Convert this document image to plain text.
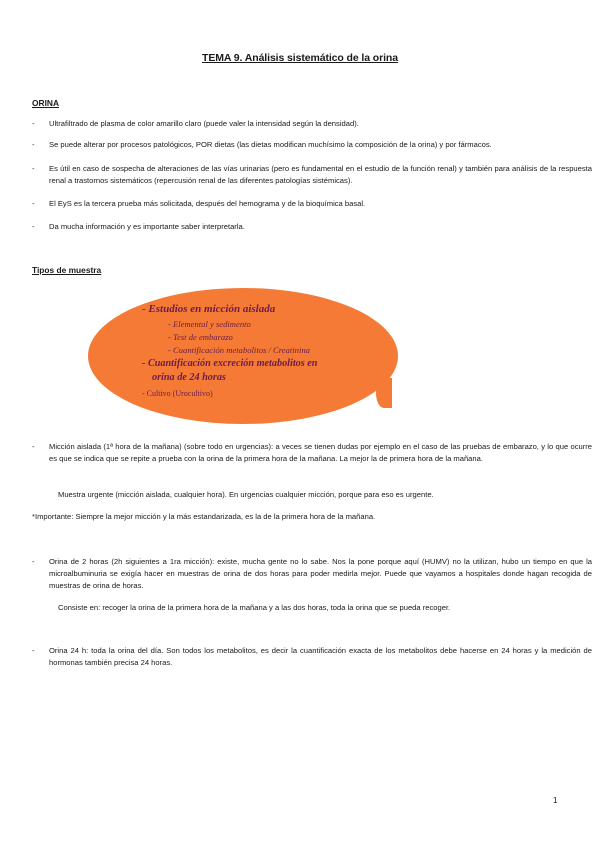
TEMA 9. Análisis sistemático de la orina
ORINA
-	Ultrafiltrado de plasma de color amarillo claro (puede valer la intensidad según la densidad).
-	Se puede alterar por procesos patológicos, POR dietas (las dietas modifican muchísimo la composición de la orina) y por fármacos.
-	Es útil en caso de sospecha de alteraciones de las vías urinarias (pero es fundamental en el estudio de la función renal) y también para análisis de la respuesta renal a trastornos sistemáticos (repercusión renal de las diferentes patologías sistémicas).
-	El EyS es la tercera prueba más solicitada, después del hemograma y de la bioquímica basal.
-	Da mucha información y es importante saber interpretarla.
Tipos de muestra
- Estudios en micción aislada
- Elemental y sedimento
- Test de embarazo
- Cuantificación metabolitos / Creatinina
- Cuantificación excreción metabolitos en
orina de 24 horas
- Cultivo (Urocultivo)
-	Micción aislada (1ª hora de la mañana) (sobre todo en urgencias): a veces se tienen dudas por ejemplo en el caso de las pruebas de embarazo, y lo que ocurre es que se indica que se repite a prueba con la orina de la primera hora de la mañana. La mejor la de primera hora de la mañana.
Muestra urgente (micción aislada, cualquier hora). En urgencias cualquier micción, porque para eso es urgente.
*Importante: Siempre la mejor micción y la más estandarizada, es la de la primera hora de la mañana.
-	Orina de 2 horas (2h siguientes a 1ra micción): existe, mucha gente no lo sabe. Nos la pone porque aquí (HUMV) no la utilizan, hubo un tiempo en que la microalbuminuria se exigía hacer en muestras de orina de dos horas para poder medirla mejor. Puede que vayamos a hospitales donde hagan recogida de muestras de orina de horas.
Consiste en: recoger la orina de la primera hora de la mañana y a las dos horas, toda la orina que se pueda recoger.
-	Orina 24 h: toda la orina del día. Son todos los metabolitos, es decir la cuantificación exacta de los metabolitos debe hacerse en 24 horas y la medición de hormonas también precisa 24 horas.
1
